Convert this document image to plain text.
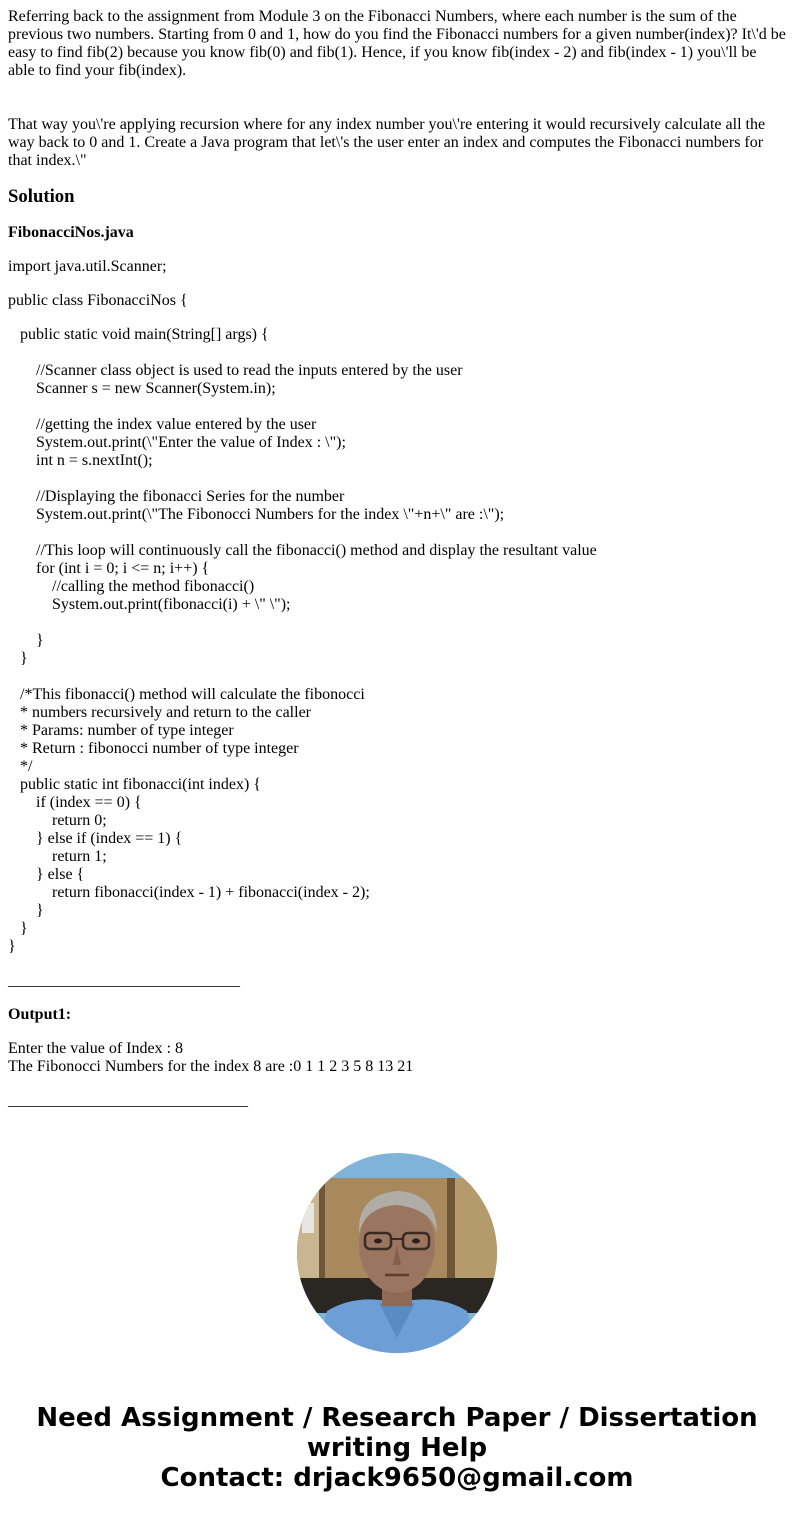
Referring back to the assignment from Module 3 on the Fibonacci Numbers, where each number is the sum of the previous two numbers. Starting from 0 and 1, how do you find the Fibonacci numbers for a given number(index)? It\'d be easy to find fib(2) because you know fib(0) and fib(1). Hence, if you know fib(index - 2) and fib(index - 1) you\'ll be able to find your fib(index).

That way you\'re applying recursion where for any index number you\'re entering it would recursively calculate all the way back to 0 and 1. Create a Java program that let\'s the user enter an index and computes the Fibonacci numbers for that index.\"

Solution

FibonacciNos.java

import java.util.Scanner;

public class FibonacciNos {

public static void main(String[] args) {
//Scanner class object is used to read the inputs entered by the user
Scanner s = new Scanner(System.in);
//getting the index value entered by the user
System.out.print(\"Enter the value of Index : \");
int n = s.nextInt();
//Displaying the fibonacci Series for the number
System.out.print(\"The Fibonocci Numbers for the index \"+n+\" are :\");
//This loop will continuously call the fibonacci() method and display the resultant value
for (int i = 0; i <= n; i++) {
//calling the method fibonacci()
System.out.print(fibonacci(i) + \" \");
}
}
/*This fibonacci() method will calculate the fibonocci
* numbers recursively and return to the caller
* Params: number of type integer
* Return : fibonocci number of type integer
*/
public static int fibonacci(int index) {
if (index == 0) {
return 0;
} else if (index == 1) {
return 1;
} else {
return fibonacci(index - 1) + fibonacci(index - 2);
}
}
}

_____________________________

Output1:

Enter the value of Index : 8
The Fibonocci Numbers for the index 8 are :0 1 1 2 3 5 8 13 21

______________________________

Need Assignment / Research Paper / Dissertation
writing Help
Contact: drjack9650@gmail.com
